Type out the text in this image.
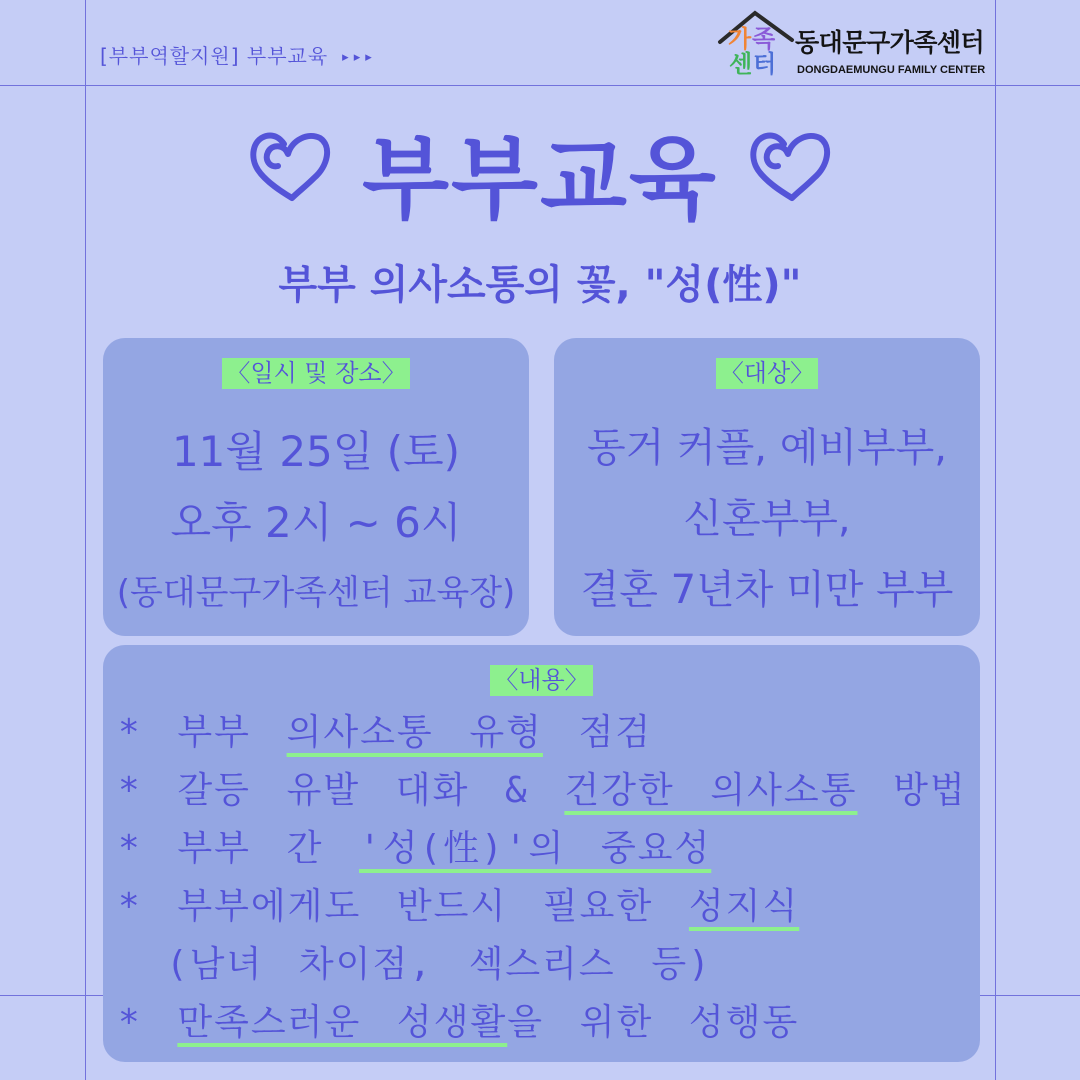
[부부역할지원] 부부교육 ▸▸▸
가 족
센 터
동대문구가족센터
DONGDAEMUNGU FAMILY CENTER
부부교육
부부 의사소통의 꽃, "성(性)"
〈일시 및 장소〉
11월 25일 (토)
오후 2시 ~ 6시
(동대문구가족센터 교육장)
〈대상〉
동거 커플, 예비부부,
신혼부부,
결혼 7년차 미만 부부
〈내용〉
* 부부 의사소통 유형 점검
* 갈등 유발 대화 & 건강한 의사소통 방법
* 부부 간 '성(性)'의 중요성
* 부부에게도 반드시 필요한 성지식
(남녀 차이점, 섹스리스 등)
* 만족스러운 성생활을 위한 성행동
